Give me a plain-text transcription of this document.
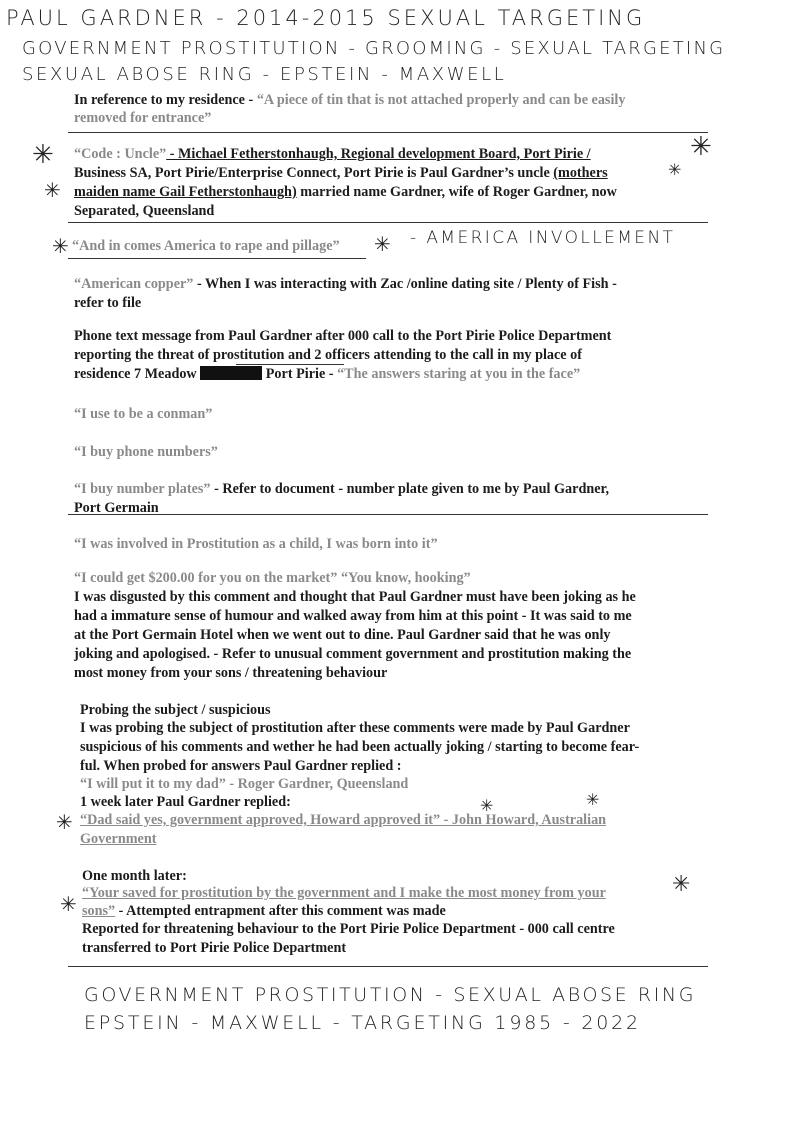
PAUL GARDNER - 2014-2015 SEXUAL TARGETING
GOVERNMENT PROSTITUTION - GROOMING - SEXUAL TARGETING
SEXUAL ABOSE RING - EPSTEIN - MAXWELL
In reference to my residence - “A piece of tin that is not attached properly and can be easily
removed for entrance”
✳	✳
“Code : Uncle” - Michael Fetherstonhaugh, Regional development Board, Port Pirie /
Business SA, Port Pirie/Enterprise Connect, Port Pirie is Paul Gardner’s uncle (mothers
✳
✳
maiden name Gail Fetherstonhaugh) married name Gardner, wife of Roger Gardner, now
Separated, Queensland
✳ “And in comes America to rape and pillage” ✳ - AMERICA INVOLLEMENT
“American copper” - When I was interacting with Zac /online dating site / Plenty of Fish -
refer to file
Phone text message from Paul Gardner after 000 call to the Port Pirie Police Department
reporting the threat of prostitution and 2 officers attending to the call in my place of
residence 7 Meadow	Port Pirie - “The answers staring at you in the face”
“I use to be a conman”
“I buy phone numbers”
“I buy number plates” - Refer to document - number plate given to me by Paul Gardner,
Port Germain
“I was involved in Prostitution as a child, I was born into it”
“I could get $200.00 for you on the market” “You know, hooking”
I was disgusted by this comment and thought that Paul Gardner must have been joking as he
had a immature sense of humour and walked away from him at this point - It was said to me
at the Port Germain Hotel when we went out to dine. Paul Gardner said that he was only
joking and apologised. - Refer to unusual comment government and prostitution making the
most money from your sons / threatening behaviour
Probing the subject / suspicious
I was probing the subject of prostitution after these comments were made by Paul Gardner
suspicious of his comments and wether he had been actually joking / starting to become fear-
ful. When probed for answers Paul Gardner replied :
“I will put it to my dad” - Roger Gardner, Queensland
1 week later Paul Gardner replied:
✳
✳	✳
“Dad said yes, government approved, Howard approved it” - John Howard, Australian
Government
One month later:
✳
✳
“Your saved for prostitution by the government and I make the most money from your
sons” - Attempted entrapment after this comment was made
Reported for threatening behaviour to the Port Pirie Police Department - 000 call centre
transferred to Port Pirie Police Department
GOVERNMENT PROSTITUTION - SEXUAL ABOSE RING
EPSTEIN - MAXWELL - TARGETING 1985 - 2022
